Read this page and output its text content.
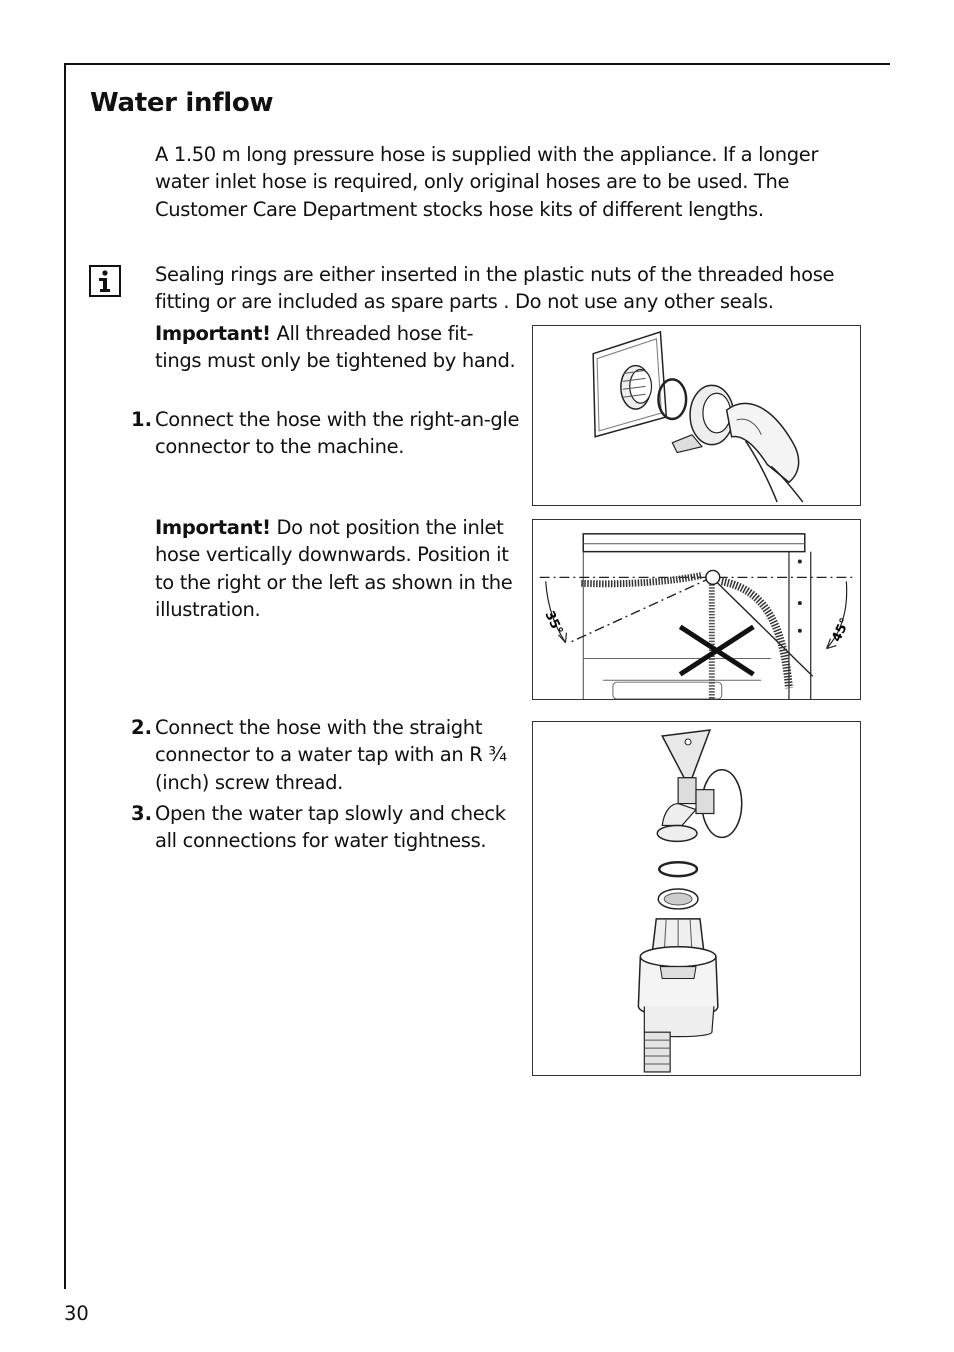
Water inflow

A 1.50 m long pressure hose is supplied with the appliance. If a longer water inlet hose is required, only original hoses are to be used. The Customer Care Department stocks hose kits of different lengths.

Sealing rings are either inserted in the plastic nuts of the threaded hose fitting or are included as spare parts . Do not use any other seals.

Important! All threaded hose fit-tings must only be tightened by hand.

1. Connect the hose with the right-an-gle connector to the machine.

Important! Do not position the inlet hose vertically downwards. Position it to the right or the left as shown in the illustration.

2. Connect the hose with the straight connector to a water tap with an R ¾ (inch) screw thread.

3. Open the water tap slowly and check all connections for water tightness.

35°	45°
30
